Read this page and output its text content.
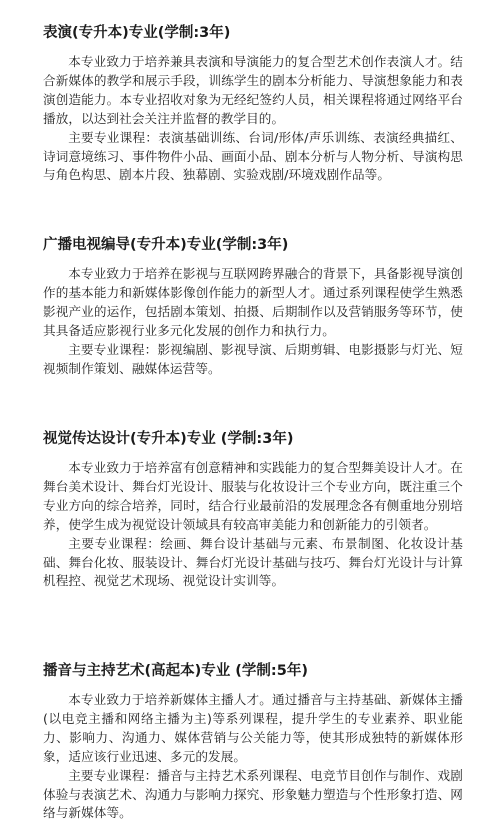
表演(专升本)专业(学制:3年)

本专业致力于培养兼具表演和导演能力的复合型艺术创作表演人才。结合新媒体的教学和展示手段，训练学生的剧本分析能力、导演想象能力和表演创造能力。本专业招收对象为无经纪签约人员，相关课程将通过网络平台播放，以达到社会关注并监督的教学目的。

主要专业课程：表演基础训练、台词/形体/声乐训练、表演经典描红、诗词意境练习、事件物件小品、画面小品、剧本分析与人物分析、导演构思与角色构思、剧本片段、独幕剧、实验戏剧/环境戏剧作品等。

广播电视编导(专升本)专业(学制:3年)

本专业致力于培养在影视与互联网跨界融合的背景下，具备影视导演创作的基本能力和新媒体影像创作能力的新型人才。通过系列课程使学生熟悉影视产业的运作，包括剧本策划、拍摄、后期制作以及营销服务等环节，使其具备适应影视行业多元化发展的创作力和执行力。

主要专业课程：影视编剧、影视导演、后期剪辑、电影摄影与灯光、短视频制作策划、融媒体运营等。

视觉传达设计(专升本)专业 (学制:3年)

本专业致力于培养富有创意精神和实践能力的复合型舞美设计人才。在舞台美术设计、舞台灯光设计、服装与化妆设计三个专业方向，既注重三个专业方向的综合培养，同时，结合行业最前沿的发展理念各有侧重地分别培养，使学生成为视觉设计领域具有较高审美能力和创新能力的引领者。

主要专业课程：绘画、舞台设计基础与元素、布景制图、化妆设计基础、舞台化妆、服装设计、舞台灯光设计基础与技巧、舞台灯光设计与计算机程控、视觉艺术现场、视觉设计实训等。

播音与主持艺术(高起本)专业 (学制:5年)

本专业致力于培养新媒体主播人才。通过播音与主持基础、新媒体主播(以电竞主播和网络主播为主)等系列课程，提升学生的专业素养、职业能力、影响力、沟通力、媒体营销与公关能力等，使其形成独特的新媒体形象，适应该行业迅速、多元的发展。

主要专业课程：播音与主持艺术系列课程、电竞节目创作与制作、戏剧体验与表演艺术、沟通力与影响力探究、形象魅力塑造与个性形象打造、网络与新媒体等。
